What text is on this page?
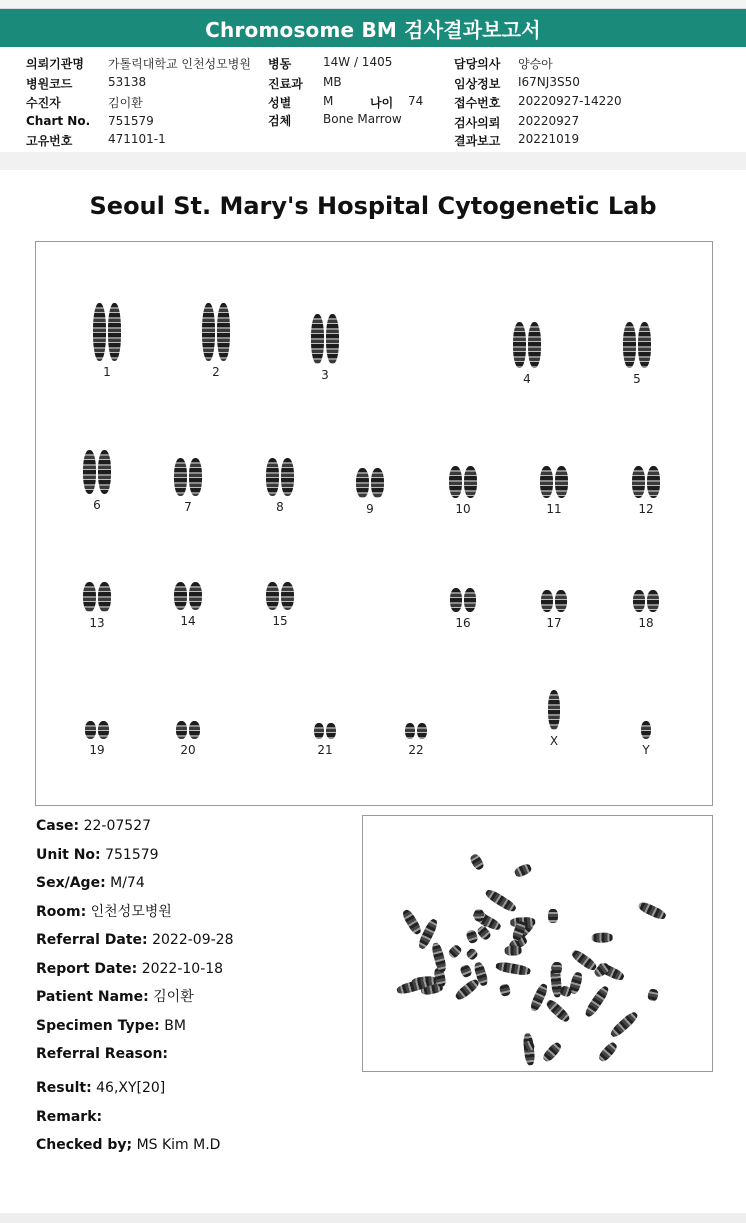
Chromosome BM 검사결과보고서
의뢰기관명 가톨릭대학교 인천성모병원
병원코드	53138
수진자	김이환
Chart No. 751579
고유번호	471101-1
병동	14W / 1405
진료과 MB
성별	M	나이 74
검체	Bone Marrow
담당의사 양승아
임상정보 I67NJ3S50
접수번호 20220927-14220
검사의뢰 20220927
결과보고 20221019
Seoul St. Mary's Hospital Cytogenetic Lab
1	2	3	4	5
6	7	8	9	10	11	12
13	14	15	16	17	18
19	20	21	22
X
Y
Case: 22-07527
Unit No: 751579
Sex/Age: M/74
Room: 인천성모병원
Referral Date: 2022-09-28
Report Date: 2022-10-18
Patient Name: 김이환
Specimen Type: BM
Referral Reason:
Result: 46,XY[20]
Remark:
Checked by; MS Kim M.D
